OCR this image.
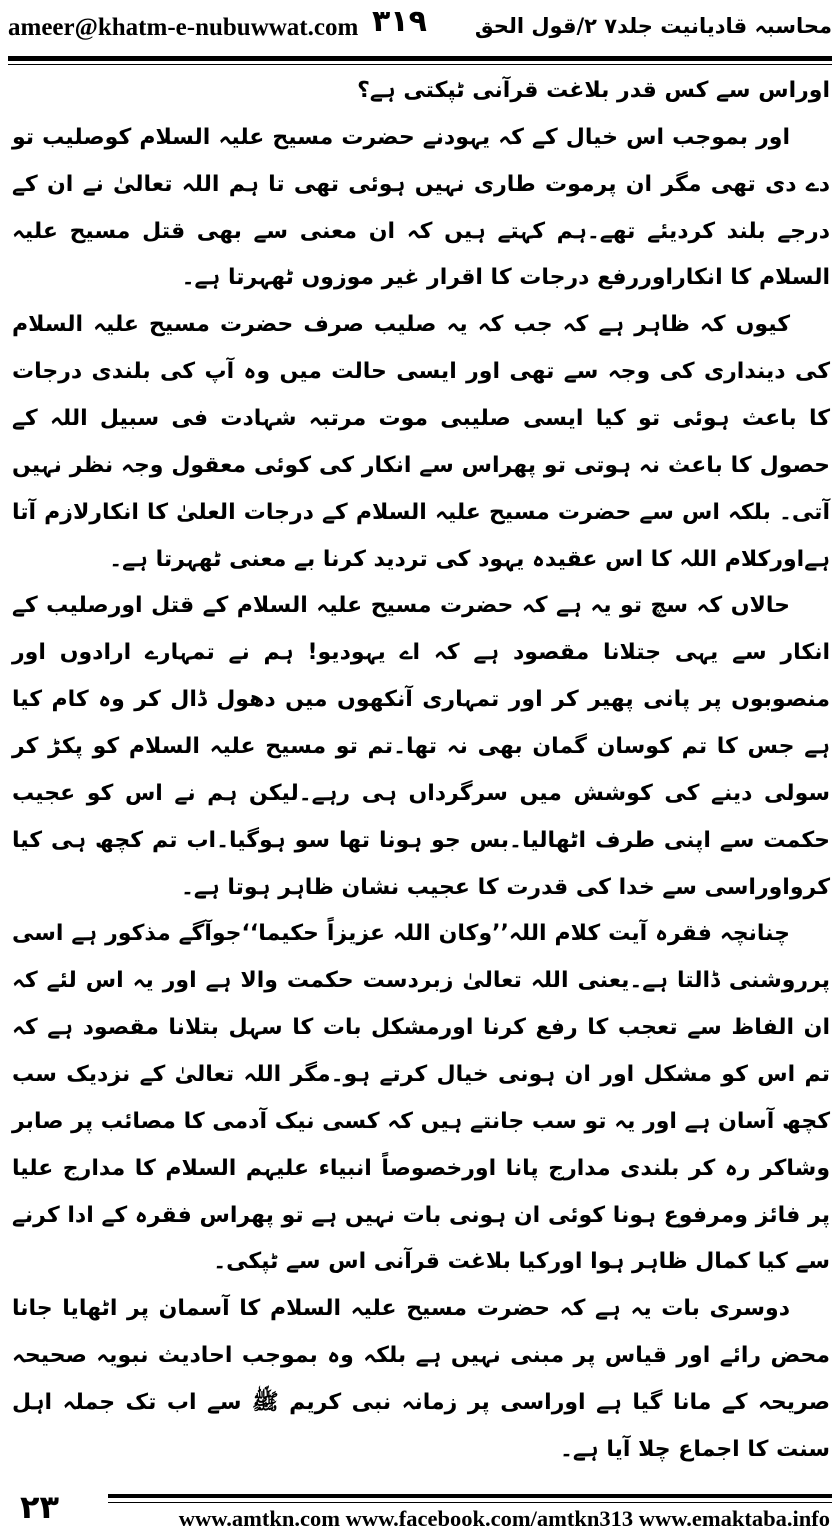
ameer@khatm-e-nubuwwat.com ۳۱۹ محاسبہ قادیانیت جلد۷ ۲/قول الحق

اوراس سے کس قدر بلاغت قرآنی ٹپکتی ہے؟

اور بموجب اس خیال کے کہ یہودنے حضرت مسیح علیہ السلام کوصلیب تو دے دی تھی مگر ان پرموت طاری نہیں ہوئی تھی تا ہم اللہ تعالیٰ نے ان کے درجے بلند کردیئے تھے۔ہم کہتے ہیں کہ ان معنی سے بھی قتل مسیح علیہ السلام کا انکاراوررفع درجات کا اقرار غیر موزوں ٹھہرتا ہے۔

کیوں کہ ظاہر ہے کہ جب کہ یہ صلیب صرف حضرت مسیح علیہ السلام کی دینداری کی وجہ سے تھی اور ایسی حالت میں وہ آپ کی بلندی درجات کا باعث ہوئی تو کیا ایسی صلیبی موت مرتبہ شہادت فی سبیل اللہ کے حصول کا باعث نہ ہوتی تو پھراس سے انکار کی کوئی معقول وجہ نظر نہیں آتی۔ بلکہ اس سے حضرت مسیح علیہ السلام کے درجات العلیٰ کا انکارلازم آتا ہےاورکلام اللہ کا اس عقیدہ یہود کی تردید کرنا بے معنی ٹھہرتا ہے۔

حالاں کہ سچ تو یہ ہے کہ حضرت مسیح علیہ السلام کے قتل اورصلیب کے انکار سے یہی جتلانا مقصود ہے کہ اے یہودیو! ہم نے تمہارے ارادوں اور منصوبوں پر پانی پھیر کر اور تمہاری آنکھوں میں دھول ڈال کر وہ کام کیا ہے جس کا تم کوسان گمان بھی نہ تھا۔تم تو مسیح علیہ السلام کو پکڑ کر سولی دینے کی کوشش میں سرگرداں ہی رہے۔لیکن ہم نے اس کو عجیب حکمت سے اپنی طرف اٹھالیا۔بس جو ہونا تھا سو ہوگیا۔اب تم کچھ ہی کیا کرواوراسی سے خدا کی قدرت کا عجیب نشان ظاہر ہوتا ہے۔

چنانچہ فقرہ آیت کلام اللہ’’وکان اللہ عزیزاً حکیما‘‘جوآگے مذکور ہے اسی پرروشنی ڈالتا ہے۔یعنی اللہ تعالیٰ زبردست حکمت والا ہے اور یہ اس لئے کہ ان الفاظ سے تعجب کا رفع کرنا اورمشکل بات کا سہل بتلانا مقصود ہے کہ تم اس کو مشکل اور ان ہونی خیال کرتے ہو۔مگر اللہ تعالیٰ کے نزدیک سب کچھ آسان ہے اور یہ تو سب جانتے ہیں کہ کسی نیک آدمی کا مصائب پر صابر وشاکر رہ کر بلندی مدارج پانا اورخصوصاً انبیاء علیہم السلام کا مدارج علیا پر فائز ومرفوع ہونا کوئی ان ہونی بات نہیں ہے تو پھراس فقرہ کے ادا کرنے سے کیا کمال ظاہر ہوا اورکیا بلاغت قرآنی اس سے ٹپکی۔

دوسری بات یہ ہے کہ حضرت مسیح علیہ السلام کا آسمان پر اٹھایا جانا محض رائے اور قیاس پر مبنی نہیں ہے بلکہ وہ بموجب احادیث نبویہ صحیحہ صریحہ کے مانا گیا ہے اوراسی پر زمانہ نبی کریم ﷺ سے اب تک جملہ اہل سنت کا اجماع چلا آیا ہے۔

۲۳	www.amtkn.com www.facebook.com/amtkn313 www.emaktaba.info
